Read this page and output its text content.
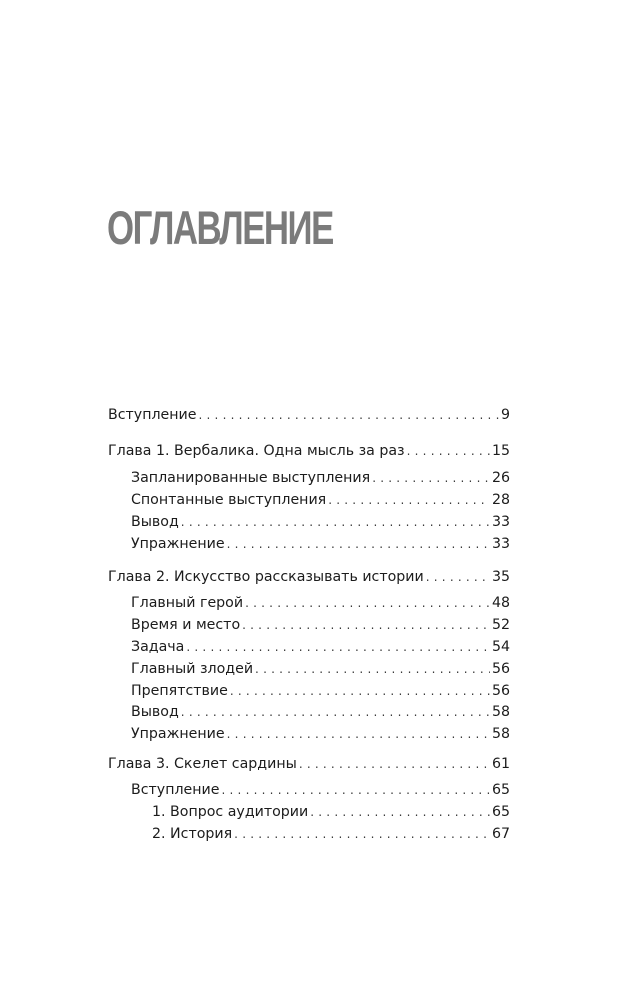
ОГЛАВЛЕНИЕ
Вступление . . .	9
Глава 1. Вербалика. Одна мысль за раз . . .	15
Запланированные выступления . . .	26
Спонтанные выступления . . .	28
Вывод . . .	33
Упражнение . . .	33
Глава 2. Искусство рассказывать истории . . .	35
Главный герой . . .	48
Время и место . . .	52
Задача . . .	54
Главный злодей . . .	56
Препятствие . . .	56
Вывод . . .	58
Упражнение . . .	58
Глава 3. Скелет сардины . . .	61
Вступление . . .	65
1. Вопрос аудитории . . .	65
2. История . . .	67
